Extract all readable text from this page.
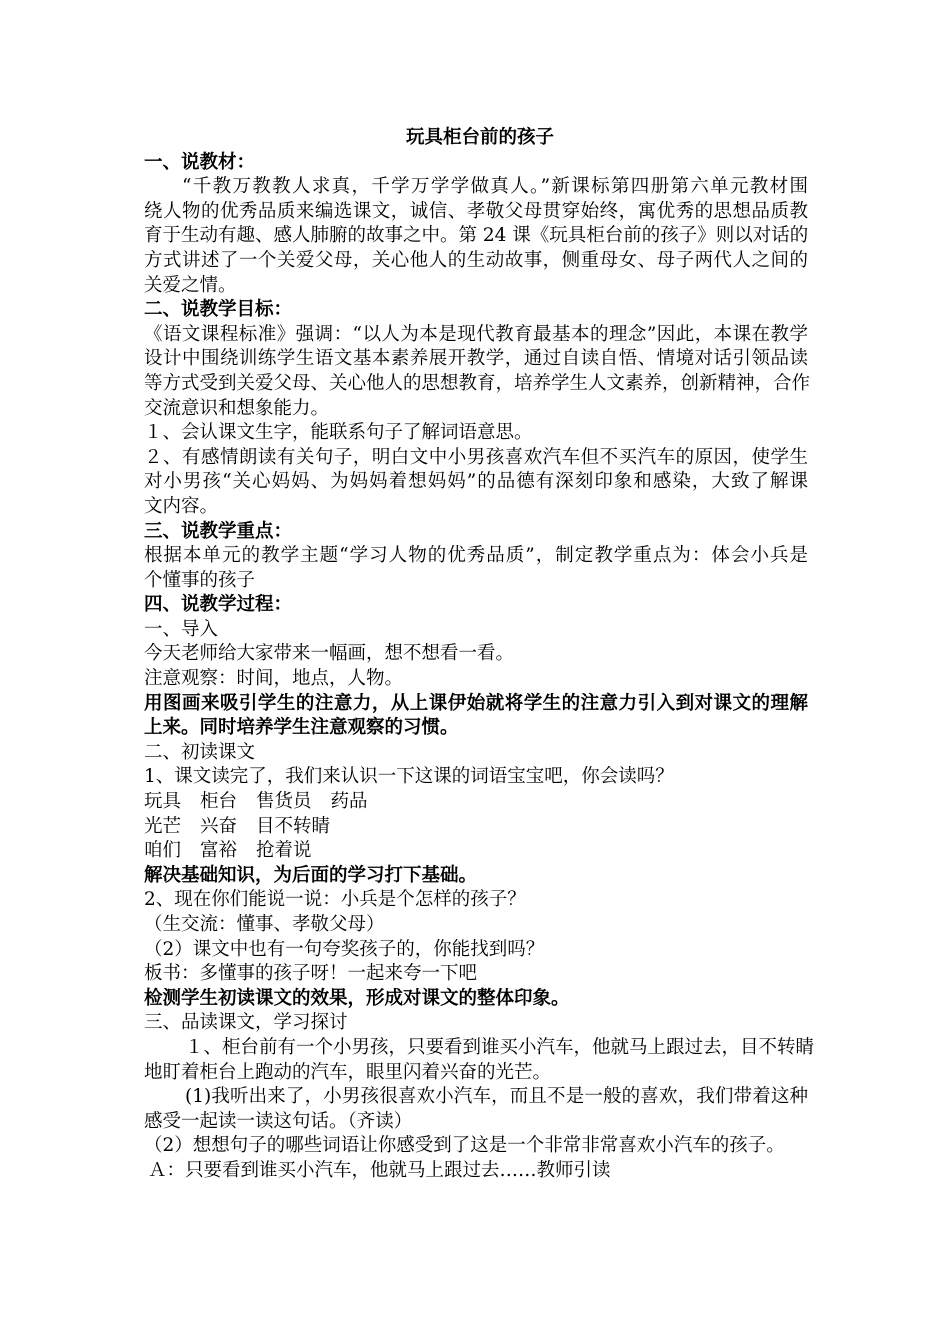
玩具柜台前的孩子
一、说教材：
“千教万教教人求真，千学万学学做真人。”新课标第四册第六单元教材围
绕人物的优秀品质来编选课文，诚信、孝敬父母贯穿始终，寓优秀的思想品质教
育于生动有趣、感人肺腑的故事之中。第 24 课《玩具柜台前的孩子》则以对话的
方式讲述了一个关爱父母，关心他人的生动故事，侧重母女、母子两代人之间的
关爱之情。
二、说教学目标：
《语文课程标准》强调：“以人为本是现代教育最基本的理念”因此，本课在教学
设计中围绕训练学生语文基本素养展开教学，通过自读自悟、情境对话引领品读
等方式受到关爱父母、关心他人的思想教育，培养学生人文素养，创新精神，合作
交流意识和想象能力。
１、会认课文生字，能联系句子了解词语意思。
２、有感情朗读有关句子，明白文中小男孩喜欢汽车但不买汽车的原因，使学生
对小男孩“关心妈妈、为妈妈着想妈妈”的品德有深刻印象和感染，大致了解课
文内容。
三、说教学重点：
根据本单元的教学主题“学习人物的优秀品质”，制定教学重点为：体会小兵是
个懂事的孩子
四、说教学过程：
一、导入
今天老师给大家带来一幅画，想不想看一看。
注意观察：时间，地点，人物。
用图画来吸引学生的注意力，从上课伊始就将学生的注意力引入到对课文的理解
上来。同时培养学生注意观察的习惯。
二、初读课文
1、课文读完了，我们来认识一下这课的词语宝宝吧，你会读吗？
玩具 柜台 售货员 药品
光芒 兴奋 目不转睛
咱们 富裕 抢着说
解决基础知识，为后面的学习打下基础。
2、现在你们能说一说：小兵是个怎样的孩子？
（生交流：懂事、孝敬父母）
（2）课文中也有一句夸奖孩子的，你能找到吗？
板书：多懂事的孩子呀！一起来夸一下吧
检测学生初读课文的效果，形成对课文的整体印象。
三、品读课文，学习探讨
１、柜台前有一个小男孩，只要看到谁买小汽车，他就马上跟过去，目不转睛
地盯着柜台上跑动的汽车，眼里闪着兴奋的光芒。
(1)我听出来了，小男孩很喜欢小汽车，而且不是一般的喜欢，我们带着这种
感受一起读一读这句话。（齐读）
（2）想想句子的哪些词语让你感受到了这是一个非常非常喜欢小汽车的孩子。
Ａ：只要看到谁买小汽车，他就马上跟过去……教师引读
